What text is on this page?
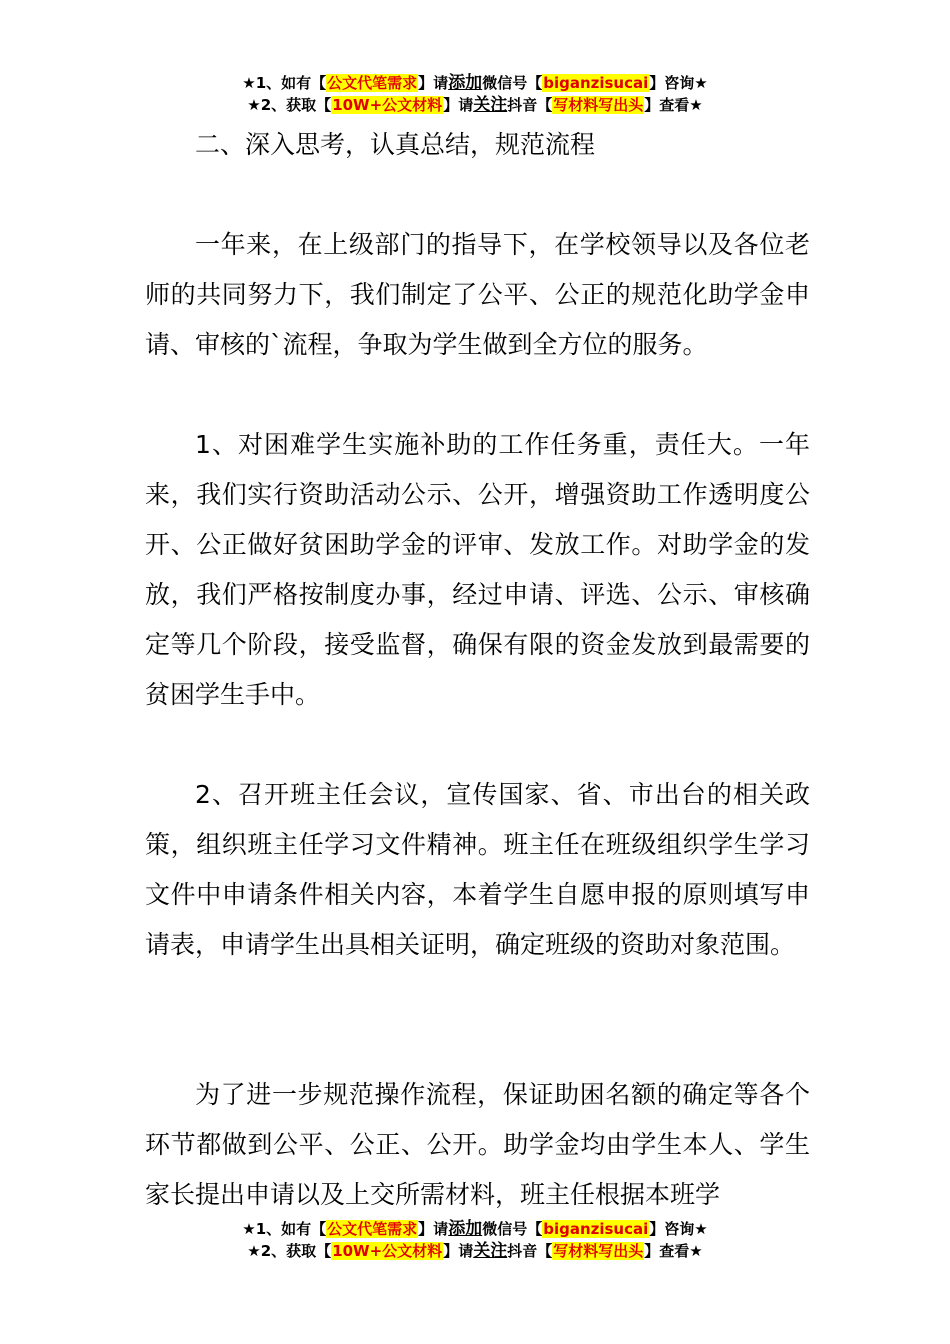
★1、如有【公文代笔需求】请添加微信号【biganzisucai】咨询★
★2、获取【10W+公文材料】请关注抖音【写材料写出头】查看★

二、深入思考，认真总结，规范流程

一年来，在上级部门的指导下，在学校领导以及各位老师的共同努力下，我们制定了公平、公正的规范化助学金申请、审核的`流程，争取为学生做到全方位的服务。

1、对困难学生实施补助的工作任务重，责任大。一年来，我们实行资助活动公示、公开，增强资助工作透明度公开、公正做好贫困助学金的评审、发放工作。对助学金的发放，我们严格按制度办事，经过申请、评选、公示、审核确定等几个阶段，接受监督，确保有限的资金发放到最需要的贫困学生手中。

2、召开班主任会议，宣传国家、省、市出台的相关政策，组织班主任学习文件精神。班主任在班级组织学生学习文件中申请条件相关内容，本着学生自愿申报的原则填写申请表，申请学生出具相关证明，确定班级的资助对象范围。

为了进一步规范操作流程，保证助困名额的确定等各个环节都做到公平、公正、公开。助学金均由学生本人、学生家长提出申请以及上交所需材料，班主任根据本班学

★1、如有【公文代笔需求】请添加微信号【biganzisucai】咨询★
★2、获取【10W+公文材料】请关注抖音【写材料写出头】查看★
